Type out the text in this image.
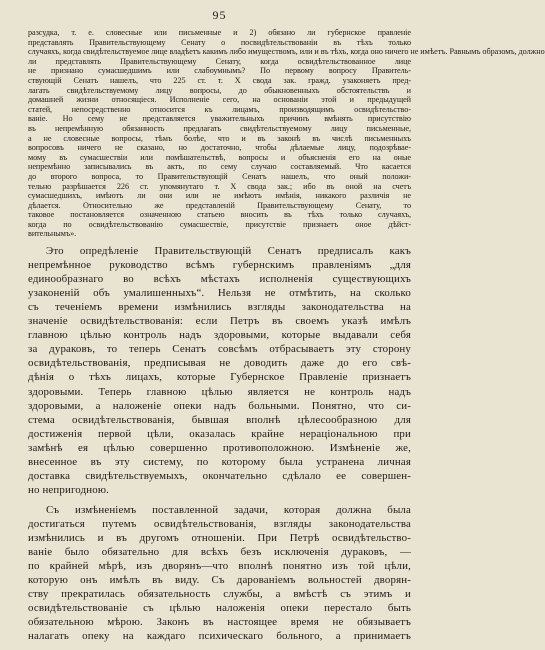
95
разсудка, т. е. словесные или письменные и 2) обязано ли губернское правленіе
представлять Правительствующему Сенату о посвидѣтельствованіи въ тѣхъ только
случаяхъ, когда свидѣтельствуемое лице владѣетъ какимъ либо имуществомъ, или и въ тѣхъ, когда оно ничего не имѣетъ. Равнымъ образомъ, должно
ли представлять Правительствующему Сенату, когда освидѣтельствованное лице
не признано сумасшедшимъ или слабоумнымъ? По первому вопросу Правитель-
ствующій Сенатъ нашелъ, что 225 ст. т. X свода зак. гражд. узаконяетъ пред-
лагать свидѣтельствуемому лицу вопросы, до обыкновенныхъ обстоятельствъ и
домашней жизни относящіеся. Исполненіе сего, на основаніи этой и предыдущей
статей, непосредственно относится къ лицамъ, производящимъ освидѣтельство-
ваніе. Но сему не представляется уважительныхъ причинъ вмѣнять присутствію
въ непремѣнную обязанность предлагать свидѣтельствуемому лицу письменные,
а не словесные вопросы, тѣмъ болѣе, что и въ законѣ въ числѣ письменныхъ
вопросовъ ничего не сказано, но достаточно, чтобы дѣлаемые лицу, подозрѣвае-
мому въ сумасшествіи или помѣшательствѣ, вопросы и объясненія его на оные
непремѣнно записывались въ актъ, по сему случаю составляемый. Что касается
до второго вопроса, то Правительствующій Сенатъ нашелъ, что оный положи-
тельно разрѣшается 226 ст. упомянутаго т. X свода зак.; ибо въ оной на счетъ
сумасшедшихъ, имѣютъ ли они или не имѣютъ имѣнія, никакого различія не
дѣлается. Относительно же представленій Правительствующему Сенату, то
таковое постановляется означенною статьею вносить въ тѣхъ только случаяхъ,
когда по освидѣтельствованію сумасшествіе, присутствіе признаетъ оное дѣйст-
вительнымъ».
Это опредѣленіе Правительствующій Сенатъ предписалъ какъ
непремѣнное руководство всѣмъ губернскимъ правленіямъ „для
единообразнаго во всѣхъ мѣстахъ исполненія существующихъ
узаконеній объ умалишенныхъ“. Нельзя не отмѣтить, на сколько
съ теченіемъ времени измѣнились взгляды законодательства на
значеніе освидѣтельствованія: если Петръ въ своемъ указѣ имѣлъ
главною цѣлью контроль надъ здоровыми, которые выдавали себя
за дураковъ, то теперь Сенатъ совсѣмъ отбрасываетъ эту сторону
освидѣтельствованія, предписывая не доводить даже до его свѣ-
дѣнія о тѣхъ лицахъ, которые Губернское Правленіе признаетъ
здоровыми. Теперь главною цѣлью является не контроль надъ
здоровыми, а наложеніе опеки надъ больными. Понятно, что си-
стема освидѣтельствованія, бывшая вполнѣ цѣлесообразною для
достиженія первой цѣли, оказалась крайне нераціональною при
замѣнѣ ея цѣлью совершенно противоположною. Измѣненіе же,
внесенное въ эту систему, по которому была устранена личная
доставка свидѣтельствуемыхъ, окончательно сдѣлало ее совершен-
но непригодною.
Съ измѣненіемъ поставленной задачи, которая должна была
достигаться путемъ освидѣтельствованія, взгляды законодательства
измѣнились и въ другомъ отношеніи. При Петрѣ освидѣтельство-
ваніе было обязательно для всѣхъ безъ исключенія дураковъ, —
по крайней мѣрѣ, изъ дворянъ—что вполнѣ понятно изъ той цѣли,
которую онъ имѣлъ въ виду. Съ дарованіемъ вольностей дворян-
ству прекратилась обязательность службы, а вмѣстѣ съ этимъ и
освидѣтельствованіе съ цѣлью наложенія опеки перестало быть
обязательною мѣрою. Законъ въ настоящее время не обязываетъ
налагать опеку на каждаго психическаго больного, а принимаетъ
